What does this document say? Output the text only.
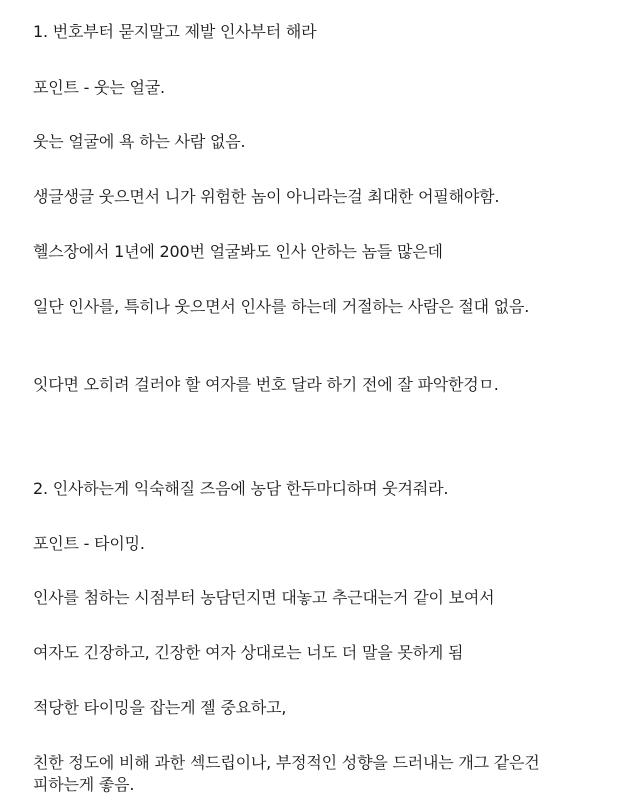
1. 번호부터 묻지말고 제발 인사부터 해라
포인트 - 웃는 얼굴.
웃는 얼굴에 욕 하는 사람 없음.
생글생글 웃으면서 니가 위험한 놈이 아니라는걸 최대한 어필해야함.
헬스장에서 1년에 200번 얼굴봐도 인사 안하는 놈들 많은데
일단 인사를, 특히나 웃으면서 인사를 하는데 거절하는 사람은 절대 없음.
잇다면 오히려 걸러야 할 여자를 번호 달라 하기 전에 잘 파악한겅ㅁ.
2. 인사하는게 익숙해질 즈음에 농담 한두마디하며 웃겨줘라.
포인트 - 타이밍.
인사를 첨하는 시점부터 농담던지면 대놓고 추근대는거 같이 보여서
여자도 긴장하고, 긴장한 여자 상대로는 너도 더 말을 못하게 됨
적당한 타이밍을 잡는게 젤 중요하고,
친한 정도에 비해 과한 섹드립이나, 부정적인 성향을 드러내는 개그 같은건 피하는게 좋음.
